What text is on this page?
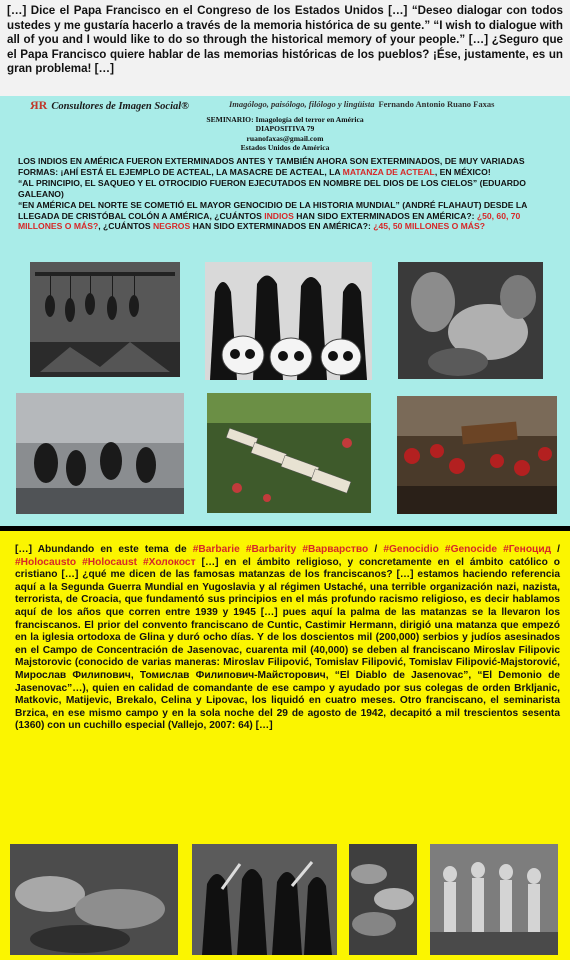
[…] Dice el Papa Francisco en el Congreso de los Estados Unidos […] “Deseo dialogar con todos ustedes y me gustaría hacerlo a través de la memoria histórica de su gente.” “I wish to dialogue with all of you and I would like to do so through the historical memory of your people.” […] ¿Seguro que el Papa Francisco quiere hablar de las memorias históricas de los pueblos? ¡Ése, justamente, es un gran problema! […]
ЯR Consultores de Imagen Social®	Imagólogo, paisólogo, filólogo y lingüista Fernando Antonio Ruano Faxas
SEMINARIO: Imagología del terror en América
DIAPOSITIVA 79
ruanofaxas@gmail.com
Estados Unidos de América
LOS INDIOS EN AMÉRICA FUERON EXTERMINADOS ANTES Y TAMBIÉN AHORA SON EXTERMINADOS, DE MUY VARIADAS FORMAS: ¡AHÍ ESTÁ EL EJEMPLO DE ACTEAL, LA MASACRE DE ACTEAL, LA MATANZA DE ACTEAL, EN MÉXICO!
“AL PRINCIPIO, EL SAQUEO Y EL OTROCIDIO FUERON EJECUTADOS EN NOMBRE DEL DIOS DE LOS CIELOS” (EDUARDO GALEANO)
“EN AMÉRICA DEL NORTE SE COMETIÓ EL MAYOR GENOCIDIO DE LA HISTORIA MUNDIAL” (ANDRÉ FLAHAUT) DESDE LA LLEGADA DE CRISTÓBAL COLÓN A AMÉRICA, ¿CUÁNTOS INDIOS HAN SIDO EXTERMINADOS EN AMÉRICA?: ¿50, 60, 70 MILLONES O MÁS?, ¿CUÁNTOS NEGROS HAN SIDO EXTERMINADOS EN AMÉRICA?: ¿45, 50 MILLONES O MÁS?
[…] Abundando en este tema de #Barbarie #Barbarity #Варварство / #Genocidio #Genocide #Геноцид / #Holocausto #Holocaust #Холокост […] en el ámbito religioso, y concretamente en el ámbito católico o cristiano […] ¿qué me dicen de las famosas matanzas de los franciscanos? […] estamos haciendo referencia aquí a la Segunda Guerra Mundial en Yugoslavia y al régimen Ustaché, una terrible organización nazi, nazista, terrorista, de Croacia, que fundamentó sus principios en el más profundo racismo religioso, es decir hablamos aquí de los años que corren entre 1939 y 1945 […] pues aquí la palma de las matanzas se la llevaron los franciscanos. El prior del convento franciscano de Cuntic, Castimir Hermann, dirigió una matanza que empezó en la iglesia ortodoxa de Glina y duró ocho días. Y de los doscientos mil (200,000) serbios y judíos asesinados en el Campo de Concentración de Jasenovac, cuarenta mil (40,000) se deben al franciscano Miroslav Filipovic Majstorovic (conocido de varias maneras: Miroslav Filipović, Tomislav Filipović, Tomislav Filipović-Majstorović, Мирослав Филипович, Томислав Филипович-Майсторович, “El Diablo de Jasenovac”, “El Demonio de Jasenovac”…), quien en calidad de comandante de ese campo y ayudado por sus colegas de orden Brkljanic, Matkovic, Matijevic, Brekalo, Celina y Lipovac, los liquidó en cuatro meses. Otro franciscano, el seminarista Brzica, en ese mismo campo y en la sola noche del 29 de agosto de 1942, decapitó a mil trescientos sesenta (1360) con un cuchillo especial (Vallejo, 2007: 64) […]
